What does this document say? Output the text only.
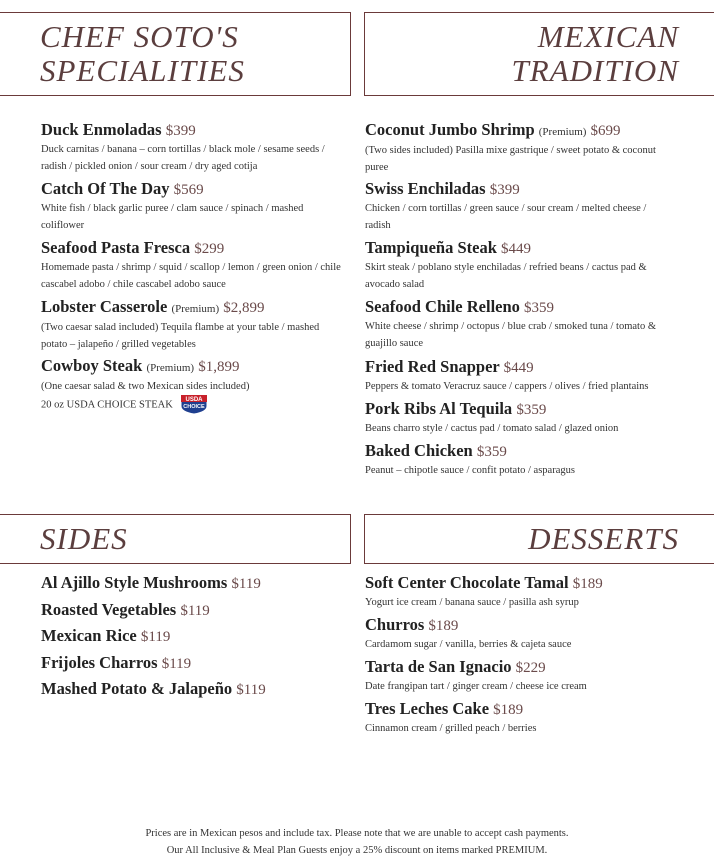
CHEF SOTO'S
SPECIALITIES
MEXICAN
TRADITION
SIDES	DESSERTS
Duck Enmoladas $399
Duck carnitas / banana – corn tortillas / black mole / sesame seeds / radish / pickled onion / sour cream / dry aged cotija
Catch Of The Day $569
White fish / black garlic puree / clam sauce / spinach / mashed coliflower
Seafood Pasta Fresca $299
Homemade pasta / shrimp / squid / scallop / lemon / green onion / chile cascabel adobo / chile cascabel adobo sauce
Lobster Casserole (Premium) $2,899
(Two caesar salad included) Tequila flambe at your table / mashed potato – jalapeño / grilled vegetables
Cowboy Steak (Premium) $1,899
(One caesar salad & two Mexican sides included)
20 oz USDA CHOICE STEAK USDA
CHOICE
Coconut Jumbo Shrimp (Premium) $699
(Two sides included) Pasilla mixe gastrique / sweet potato & coconut puree
Swiss Enchiladas $399
Chicken / corn tortillas / green sauce / sour cream / melted cheese / radish
Tampiqueña Steak $449
Skirt steak / poblano style enchiladas / refried beans / cactus pad & avocado salad
Seafood Chile Relleno $359
White cheese / shrimp / octopus / blue crab / smoked tuna / tomato & guajillo sauce
Fried Red Snapper $449
Peppers & tomato Veracruz sauce / cappers / olives / fried plantains
Pork Ribs Al Tequila $359
Beans charro style / cactus pad / tomato salad / glazed onion
Baked Chicken $359
Peanut – chipotle sauce / confit potato / asparagus
Al Ajillo Style Mushrooms $119
Roasted Vegetables $119
Mexican Rice $119
Frijoles Charros $119
Mashed Potato & Jalapeño $119
Soft Center Chocolate Tamal $189
Yogurt ice cream / banana sauce / pasilla ash syrup
Churros $189
Cardamom sugar / vanilla, berries & cajeta sauce
Tarta de San Ignacio $229
Date frangipan tart / ginger cream / cheese ice cream
Tres Leches Cake $189
Cinnamon cream / grilled peach / berries
Prices are in Mexican pesos and include tax. Please note that we are unable to accept cash payments.
Our All Inclusive & Meal Plan Guests enjoy a 25% discount on items marked PREMIUM.
